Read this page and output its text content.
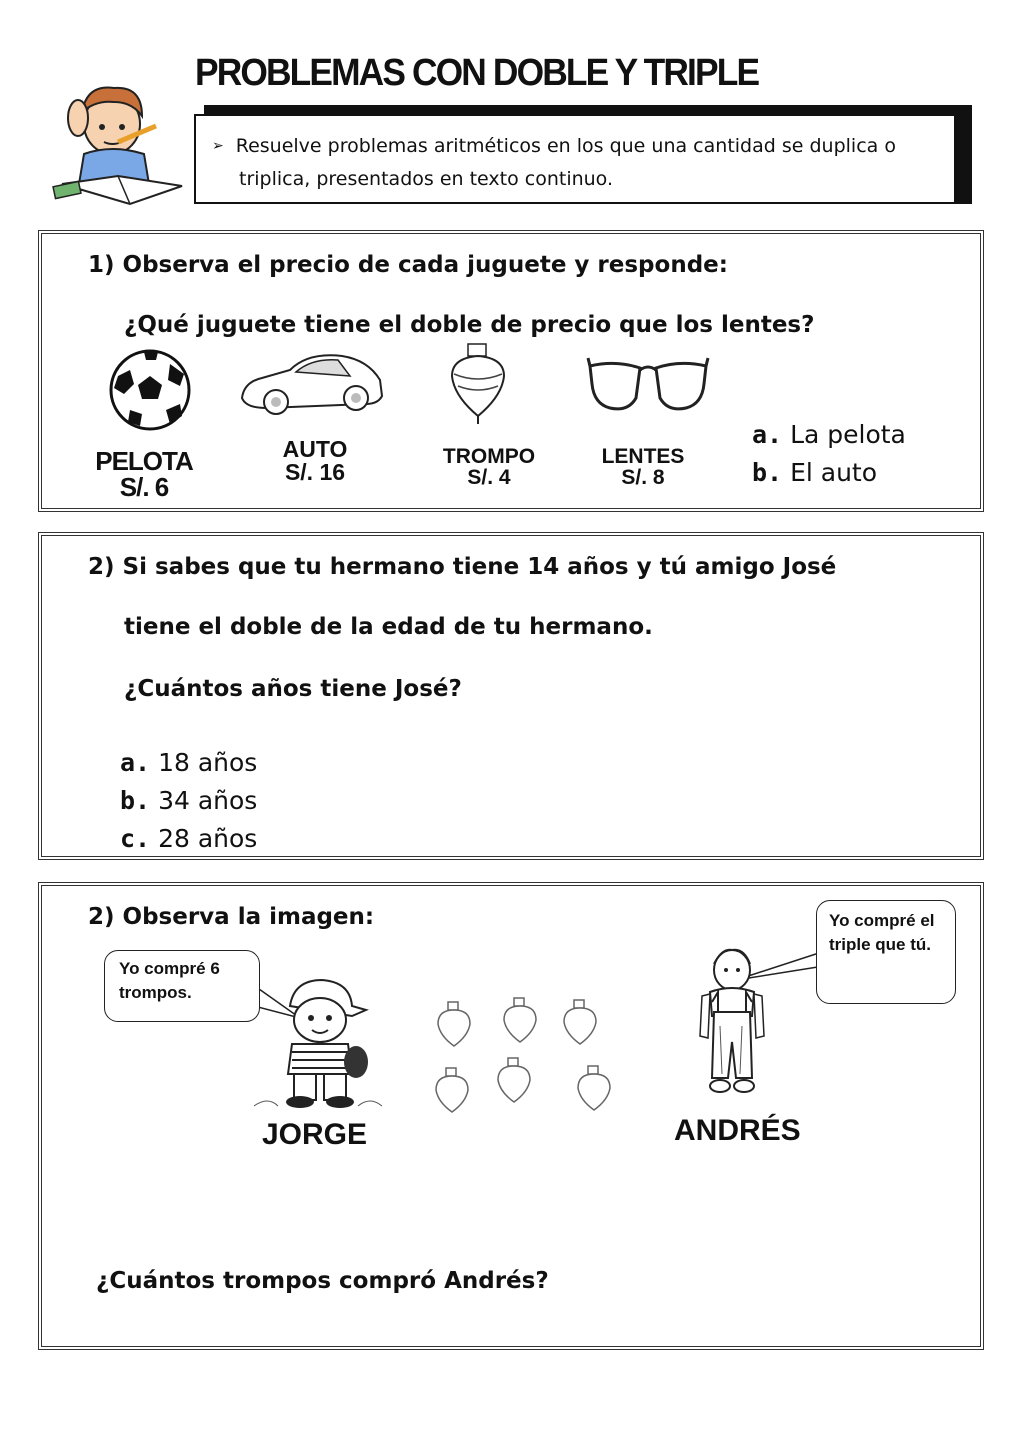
PROBLEMAS CON DOBLE Y TRIPLE
➢ Resuelve problemas aritméticos en los que una cantidad se duplica o
triplica, presentados en texto continuo.
1) Observa el precio de cada juguete y responde:
¿Qué juguete tiene el doble de precio que los lentes?
PELOTA
S/. 6
AUTO
S/. 16
TROMPO
S/. 4
LENTES
S/. 8
a. La pelota
b. El auto
2) Si sabes que tu hermano tiene 14 años y tú amigo José
tiene el doble de la edad de tu hermano.
¿Cuántos años tiene José?
a. 18 años
b. 34 años
c. 28 años
2) Observa la imagen:
Yo compré 6 trompos.
Yo compré el triple que tú.
JORGE	ANDRÉS
¿Cuántos trompos compró Andrés?
